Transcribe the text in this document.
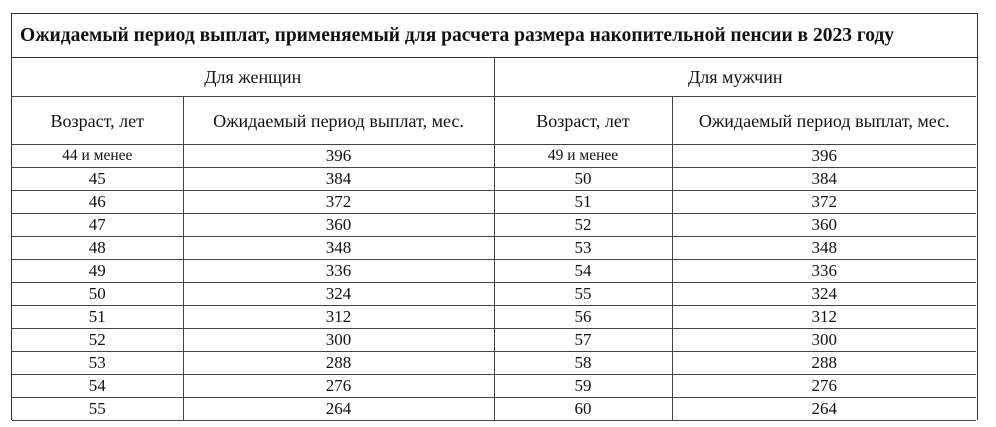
Ожидаемый период выплат, применяемый для расчета размера накопительной пенсии в 2023 году
Для женщин		Для мужчин	
Возраст, лет	Ожидаемый период выплат, мес.	Возраст, лет	Ожидаемый период выплат, мес.
44 и менее	396	49 и менее	396
45	384	50	384
46	372	51	372
47	360	52	360
48	348	53	348
49	336	54	336
50	324	55	324
51	312	56	312
52	300	57	300
53	288	58	288
54	276	59	276
55	264	60	264
